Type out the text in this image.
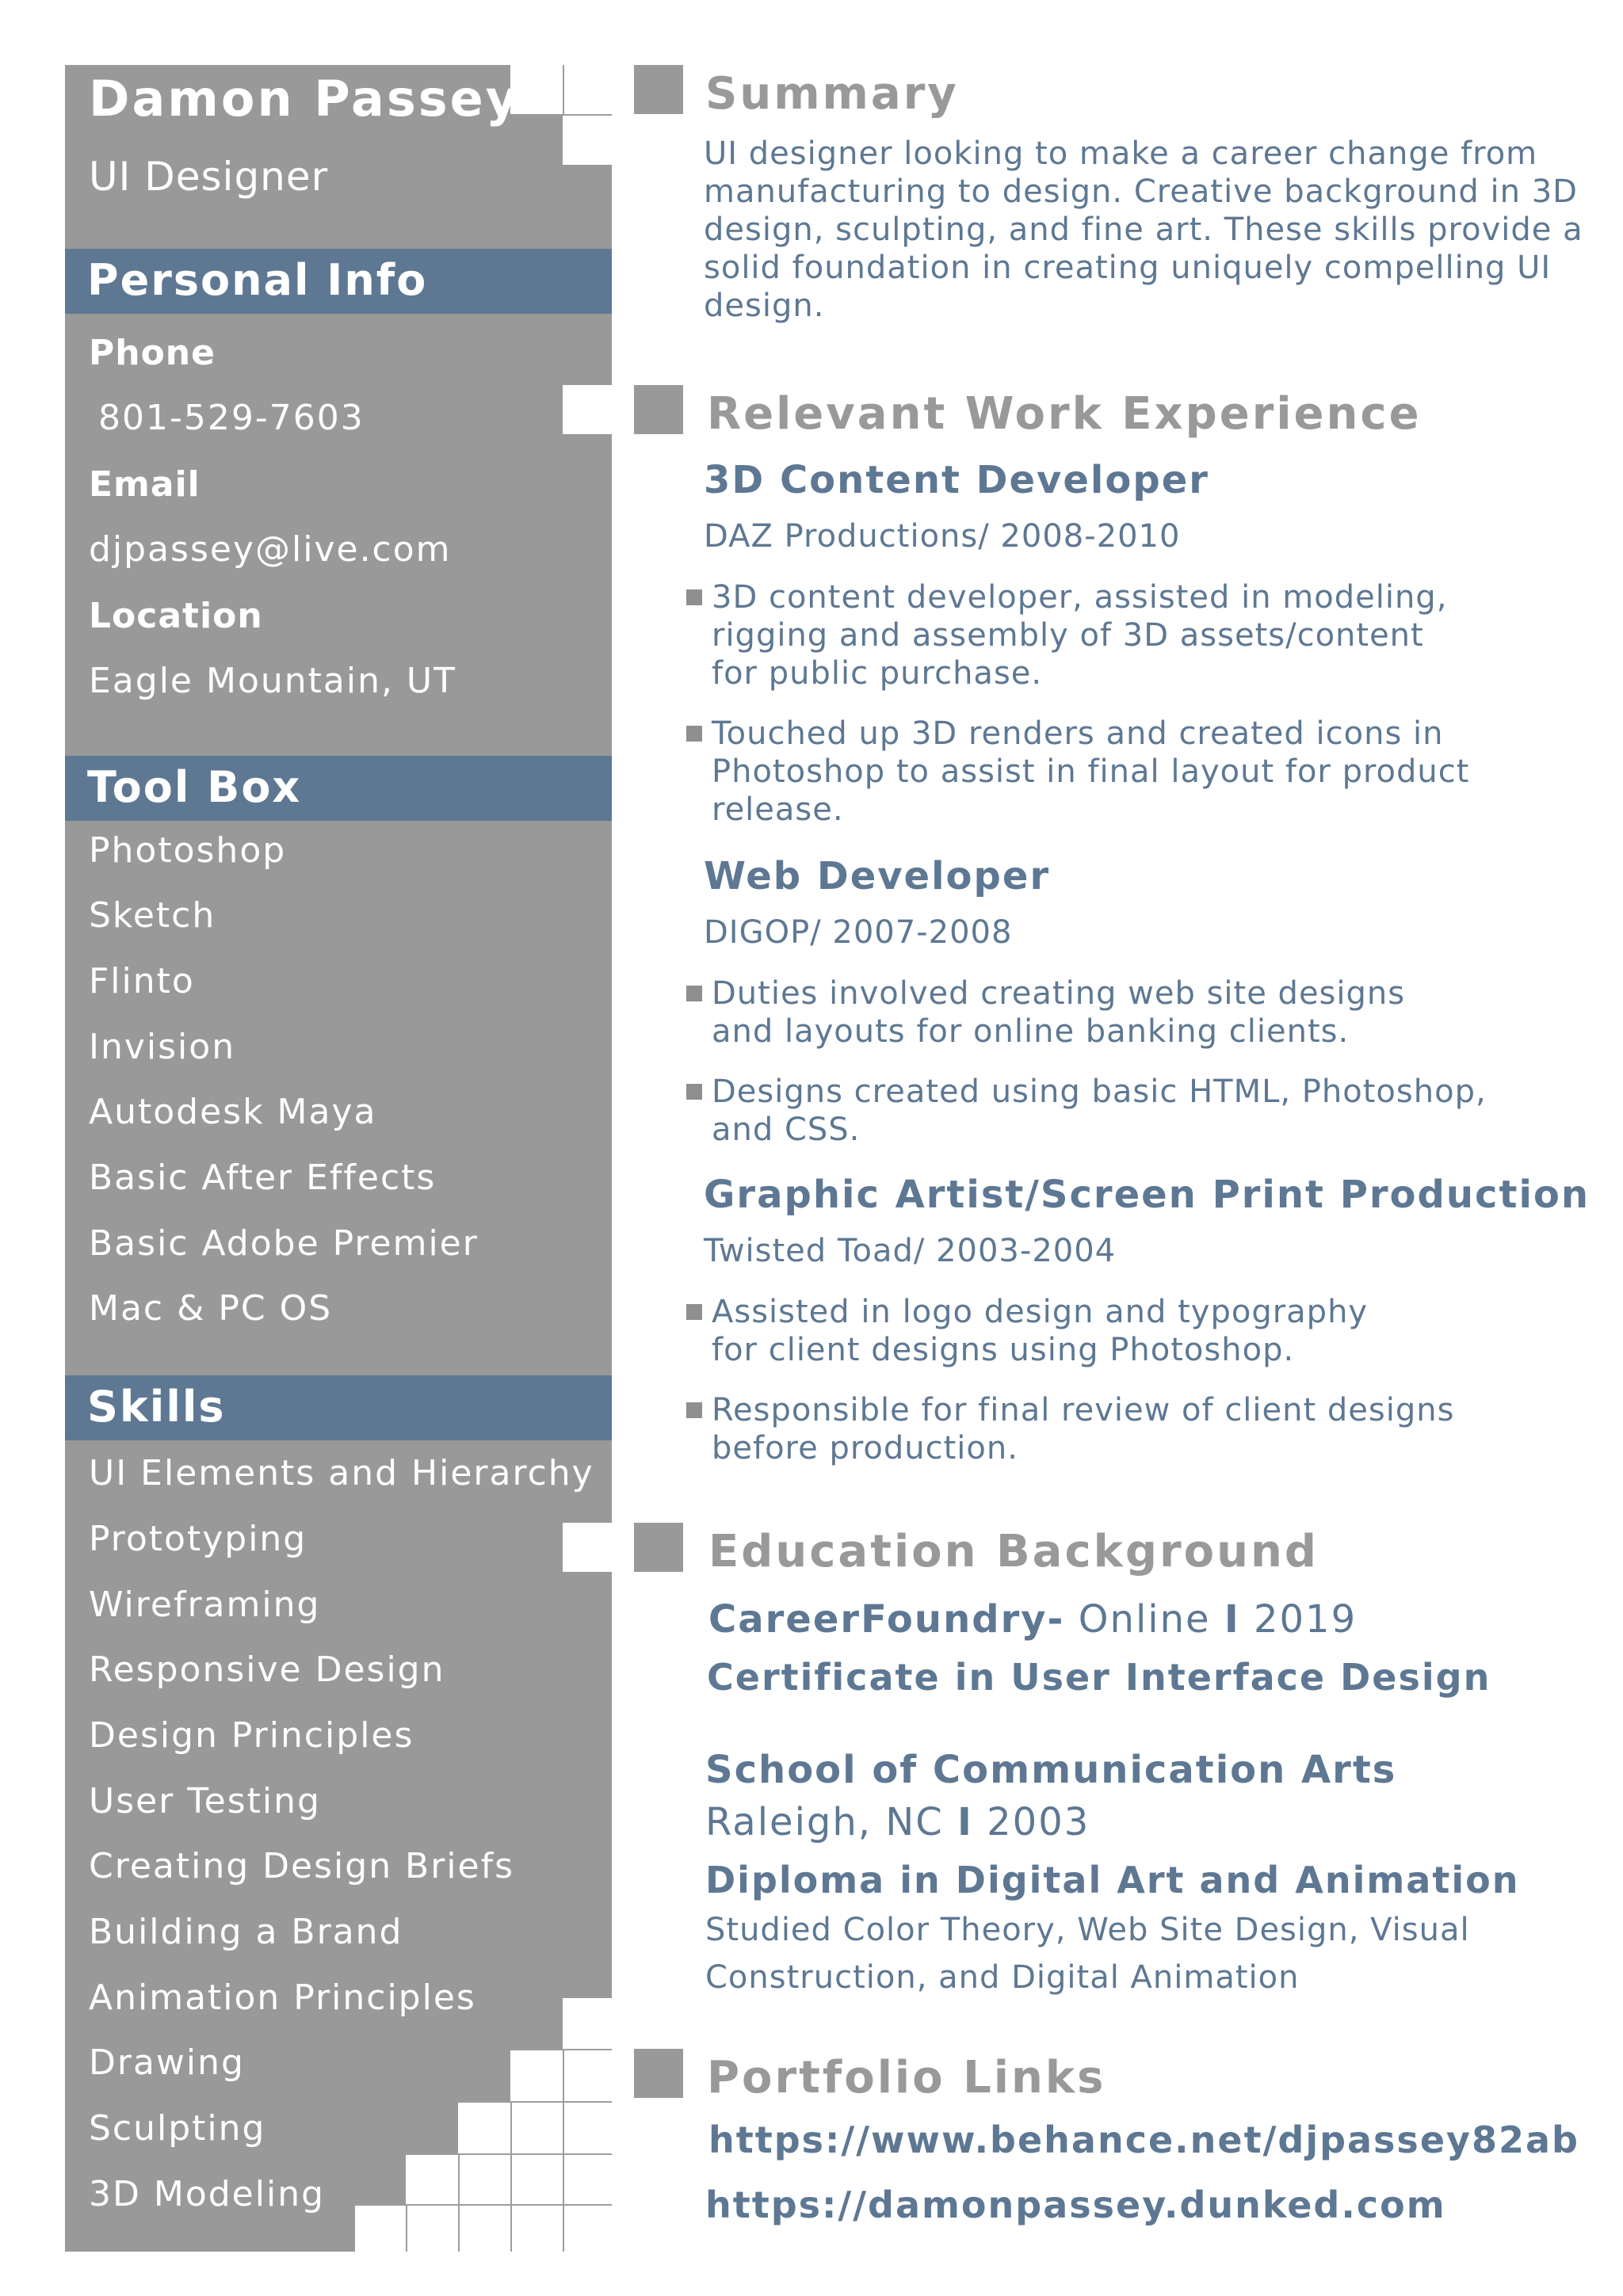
Damon Passey
UI Designer
Personal Info
Phone
801-529-7603
Email
djpassey@live.com
Location
Eagle Mountain, UT
Tool Box
Photoshop
Sketch
Flinto
Invision
Autodesk Maya
Basic After Effects
Basic Adobe Premier
Mac & PC OS
Skills
UI Elements and Hierarchy
Prototyping
Wireframing
Responsive Design
Design Principles
User Testing
Creating Design Briefs
Building a Brand
Animation Principles
Drawing
Sculpting
3D Modeling
Summary
UI designer looking to make a career change from
manufacturing to design. Creative background in 3D
design, sculpting, and fine art. These skills provide a
solid foundation in creating uniquely compelling UI
design.
Relevant Work Experience
3D Content Developer
DAZ Productions/ 2008-2010
3D content developer, assisted in modeling,
rigging and assembly of 3D assets/content
for public purchase.
Touched up 3D renders and created icons in
Photoshop to assist in final layout for product
release.
Web Developer
DIGOP/ 2007-2008
Duties involved creating web site designs
and layouts for online banking clients.
Designs created using basic HTML, Photoshop,
and CSS.
Graphic Artist/Screen Print Production
Twisted Toad/ 2003-2004
Assisted in logo design and typography
for client designs using Photoshop.
Responsible for final review of client designs
before production.
Education Background
CareerFoundry- Online I 2019
Certificate in User Interface Design
School of Communication Arts
Raleigh, NC I 2003
Diploma in Digital Art and Animation
Studied Color Theory, Web Site Design, Visual
Construction, and Digital Animation
Portfolio Links
https://www.behance.net/djpassey82ab
https://damonpassey.dunked.com
